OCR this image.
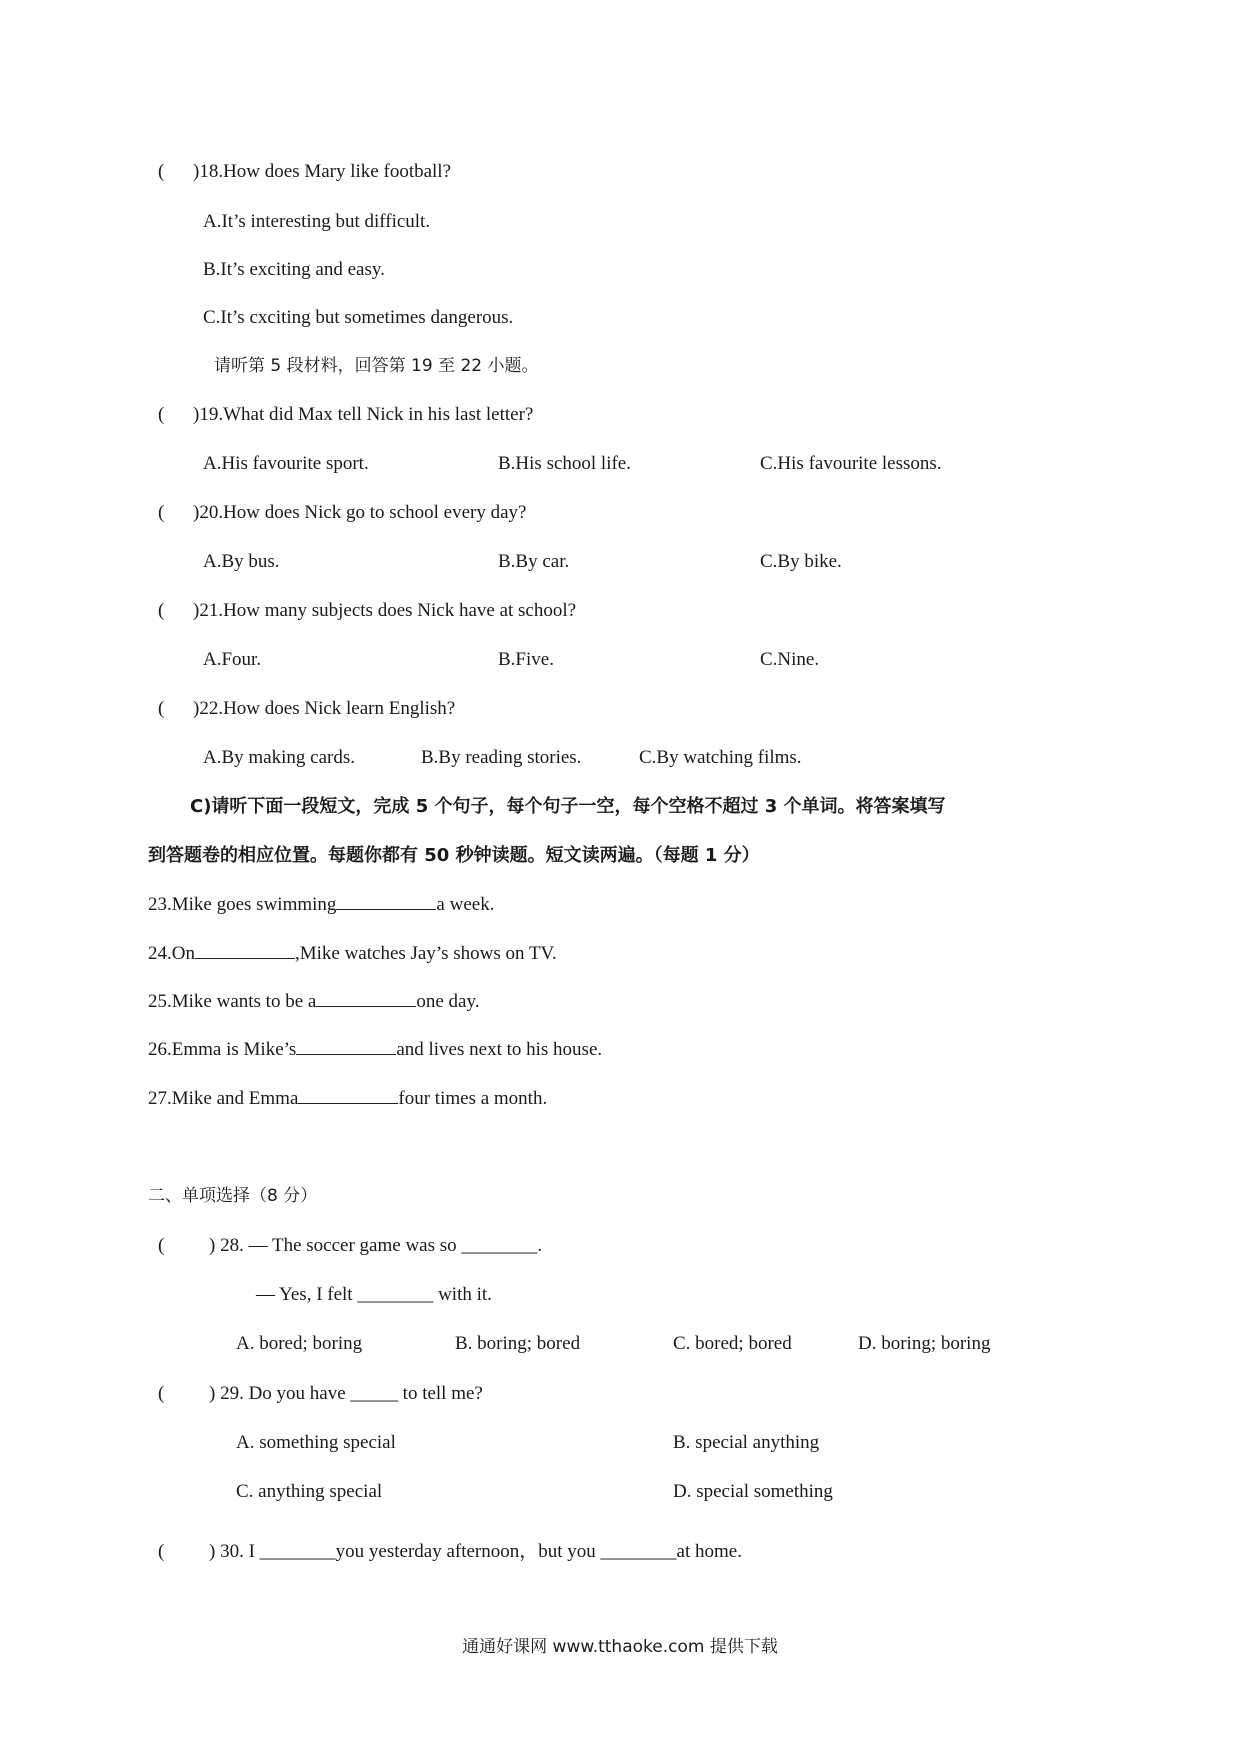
( )18.How does Mary like football?
A.It’s interesting but difficult.
B.It’s exciting and easy.
C.It’s cxciting but sometimes dangerous.
请听第 5 段材料，回答第 19 至 22 小题。
( )19.What did Max tell Nick in his last letter?
A.His favourite sport.	B.His school life.	C.His favourite lessons.
( )20.How does Nick go to school every day?
A.By bus.	B.By car.	C.By bike.
( )21.How many subjects does Nick have at school?
A.Four.	B.Five.	C.Nine.
( )22.How does Nick learn English?
A.By making cards.	B.By reading stories.	C.By watching films.
C)请听下面一段短文，完成 5 个句子，每个句子一空，每个空格不超过 3 个单词。将答案填写
到答题卷的相应位置。每题你都有 50 秒钟读题。短文读两遍。（每题 1 分）
23.Mike goes swimming	a week.
24.On	,Mike watches Jay’s shows on TV.
25.Mike wants to be a	one day.
26.Emma is Mike’s	and lives next to his house.
27.Mike and Emma	four times a month.
二、单项选择（8 分）
( ) 28. — The soccer game was so ________.
— Yes, I felt ________ with it.
A. bored; boring	B. boring; bored	C. bored; bored	D. boring; boring
( ) 29. Do you have _____ to tell me?
A. something special	B. special anything
C. anything special	D. special something
( ) 30. I ________you yesterday afternoon，but you ________at home.
通通好课网 www.tthaoke.com 提供下载
